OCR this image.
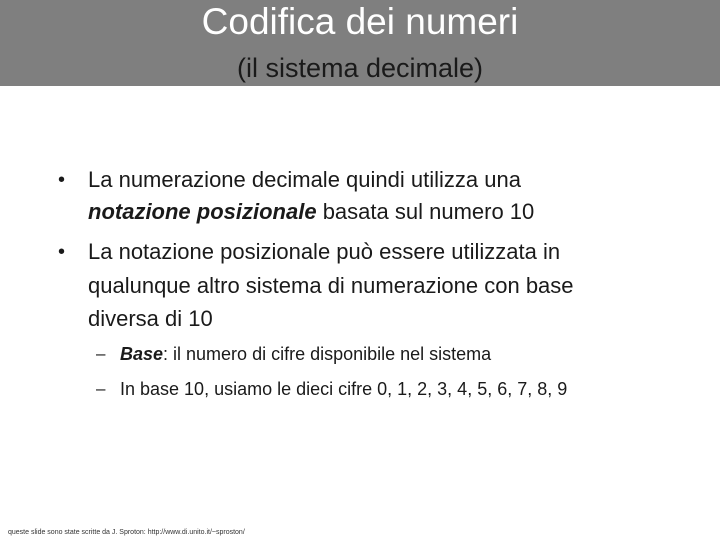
Codifica dei numeri
(il sistema decimale)
• La numerazione decimale quindi utilizza una
notazione posizionale basata sul numero 10
• La notazione posizionale può essere utilizzata in
qualunque altro sistema di numerazione con base
diversa di 10
– Base: il numero di cifre disponibile nel sistema
– In base 10, usiamo le dieci cifre 0, 1, 2, 3, 4, 5, 6, 7, 8, 9
queste slide sono state scritte da J. Sproton: http://www.di.unito.it/~sproston/
